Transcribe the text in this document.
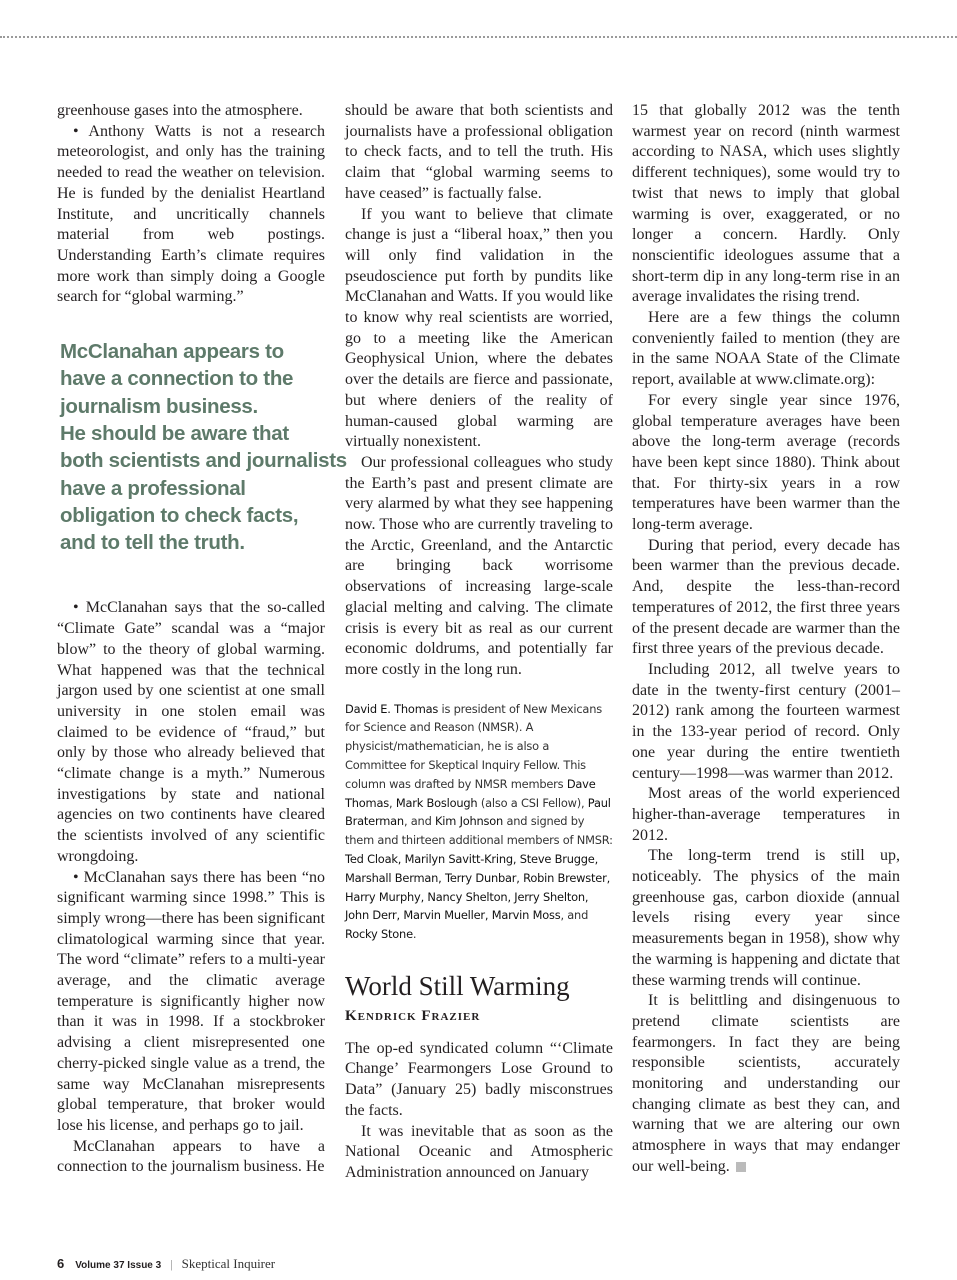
greenhouse gases into the atmosphere.

• Anthony Watts is not a research meteorologist, and only has the training needed to read the weather on television. He is funded by the denialist Heartland Institute, and uncritically channels material from web postings. Understanding Earth’s climate requires more work than simply doing a Google search for “global warming.”

McClanahan appears to
have a connection to the
journalism business.
He should be aware that
both scientists and journalists
have a professional
obligation to check facts,
and to tell the truth.

• McClanahan says that the so-called “Climate Gate” scandal was a “major blow” to the theory of global warming. What happened was that the technical jargon used by one scientist at one small university in one stolen email was claimed to be evidence of “fraud,” but only by those who already believed that “climate change is a myth.” Numerous investigations by state and national agencies on two continents have cleared the scientists involved of any scientific wrongdoing.

• McClanahan says there has been “no significant warming since 1998.” This is simply wrong—there has been significant climatological warming since that year. The word “climate” refers to a multi-year average, and the climatic average temperature is significantly higher now than it was in 1998. If a stockbroker advising a client misrepresented one cherry-picked single value as a trend, the same way McClanahan misrepresents global temperature, that broker would lose his license, and perhaps go to jail.

McClanahan appears to have a connection to the journalism business. He

should be aware that both scientists and journalists have a professional obligation to check facts, and to tell the truth. His claim that “global warming seems to have ceased” is factually false.

If you want to believe that climate change is just a “liberal hoax,” then you will only find validation in the pseudoscience put forth by pundits like McClanahan and Watts. If you would like to know why real scientists are worried, go to a meeting like the American Geophysical Union, where the debates over the details are fierce and passionate, but where deniers of the reality of human-caused global warming are virtually nonexistent.

Our professional colleagues who study the Earth’s past and present climate are very alarmed by what they see happening now. Those who are currently traveling to the Arctic, Greenland, and the Antarctic are bringing back worrisome observations of increasing large-scale glacial melting and calving. The climate crisis is every bit as real as our current economic doldrums, and potentially far more costly in the long run.

David E. Thomas is president of New Mexicans for Science and Reason (NMSR). A physicist/mathematician, he is also a Committee for Skeptical Inquiry Fellow. This column was drafted by NMSR members Dave Thomas, Mark Boslough (also a CSI Fellow), Paul Braterman, and Kim Johnson and signed by them and thirteen additional members of NMSR: Ted Cloak, Marilyn Savitt-Kring, Steve Brugge, Marshall Berman, Terry Dunbar, Robin Brewster, Harry Murphy, Nancy Shelton, Jerry Shelton, John Derr, Marvin Mueller, Marvin Moss, and Rocky Stone.
World Still Warming
Kendrick Frazier

The op-ed syndicated column “‘Climate Change’ Fearmongers Lose Ground to Data” (January 25) badly misconstrues the facts.

It was inevitable that as soon as the National Oceanic and Atmospheric Administration announced on January

15 that globally 2012 was the tenth warmest year on record (ninth warmest according to NASA, which uses slightly different techniques), some would try to twist that news to imply that global warming is over, exaggerated, or no longer a concern. Hardly. Only nonscientific ideologues assume that a short-term dip in any long-term rise in an average invalidates the rising trend.

Here are a few things the column conveniently failed to mention (they are in the same NOAA State of the Climate report, available at www.climate.org):

For every single year since 1976, global temperature averages have been above the long-term average (records have been kept since 1880). Think about that. For thirty-six years in a row temperatures have been warmer than the long-term average.

During that period, every decade has been warmer than the previous decade. And, despite the less-than-record temperatures of 2012, the first three years of the present decade are warmer than the first three years of the previous decade.

Including 2012, all twelve years to date in the twenty-first century (2001–2012) rank among the fourteen warmest in the 133-year period of record. Only one year during the entire twentieth century—1998—was warmer than 2012.

Most areas of the world experienced higher-than-average temperatures in 2012.

The long-term trend is still up, noticeably. The physics of the main greenhouse gas, carbon dioxide (annual levels rising every year since measurements began in 1958), show why the warming is happening and dictate that these warming trends will continue.

It is belittling and disingenuous to pretend climate scientists are fearmongers. In fact they are being responsible scientists, accurately monitoring and understanding our changing climate as best they can, and warning that we are altering our own atmosphere in ways that may endanger our well-being.

6 Volume 37 Issue 3 | Skeptical Inquirer
